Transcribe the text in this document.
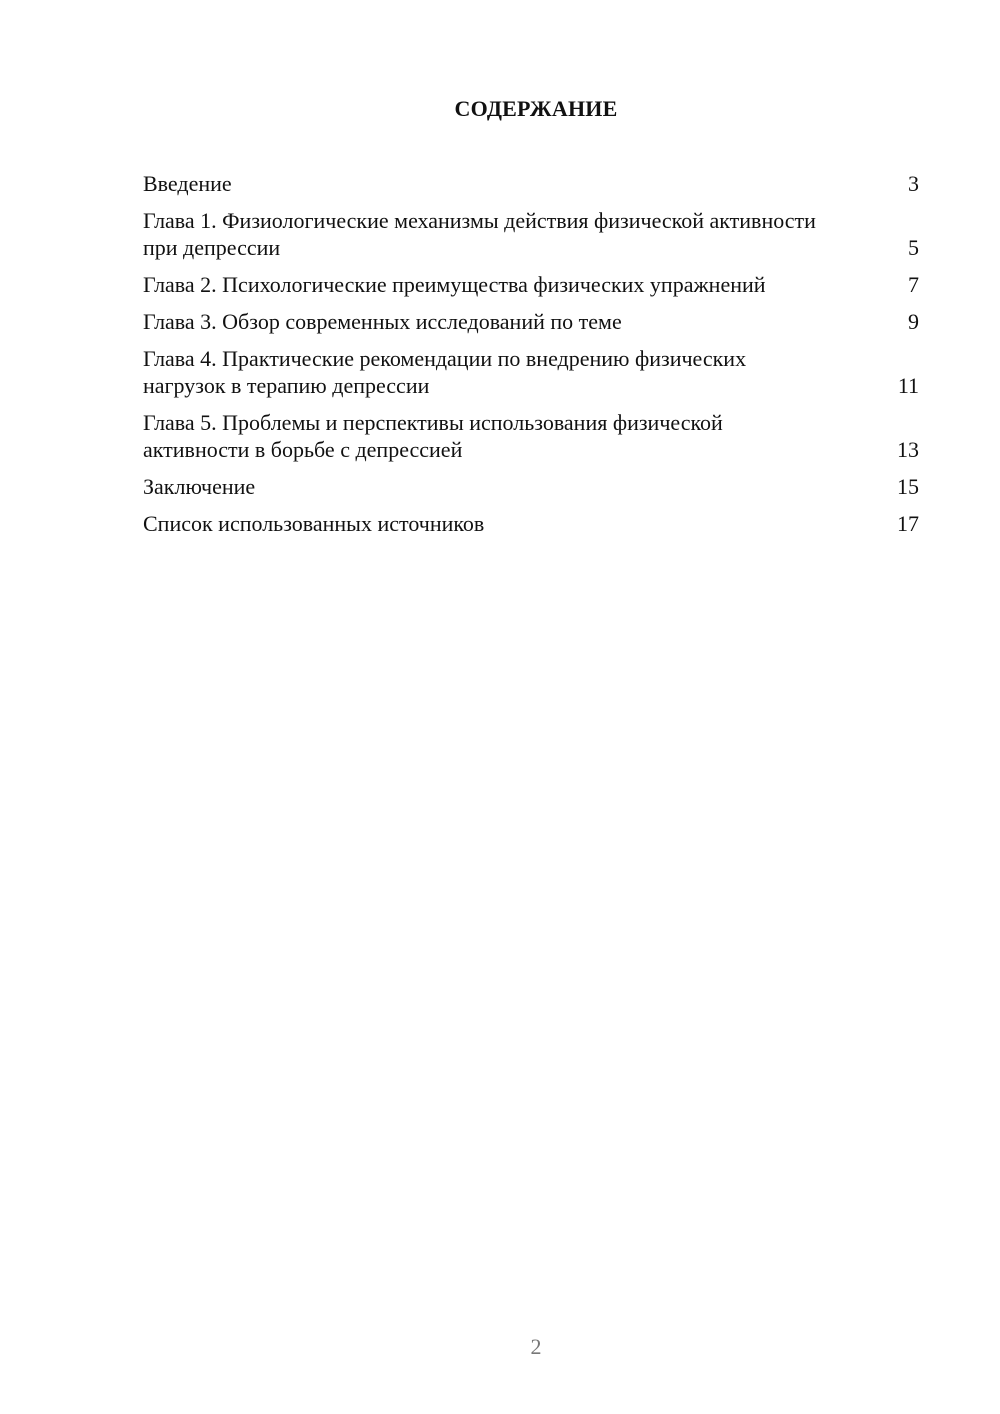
СОДЕРЖАНИЕ
Введение	3
Глава 1. Физиологические механизмы действия физической активности при депрессии	5
Глава 2. Психологические преимущества физических упражнений	7
Глава 3. Обзор современных исследований по теме	9
Глава 4. Практические рекомендации по внедрению физических нагрузок в терапию депрессии	11
Глава 5. Проблемы и перспективы использования физической активности в борьбе с депрессией	13
Заключение	15
Список использованных источников	17
2
